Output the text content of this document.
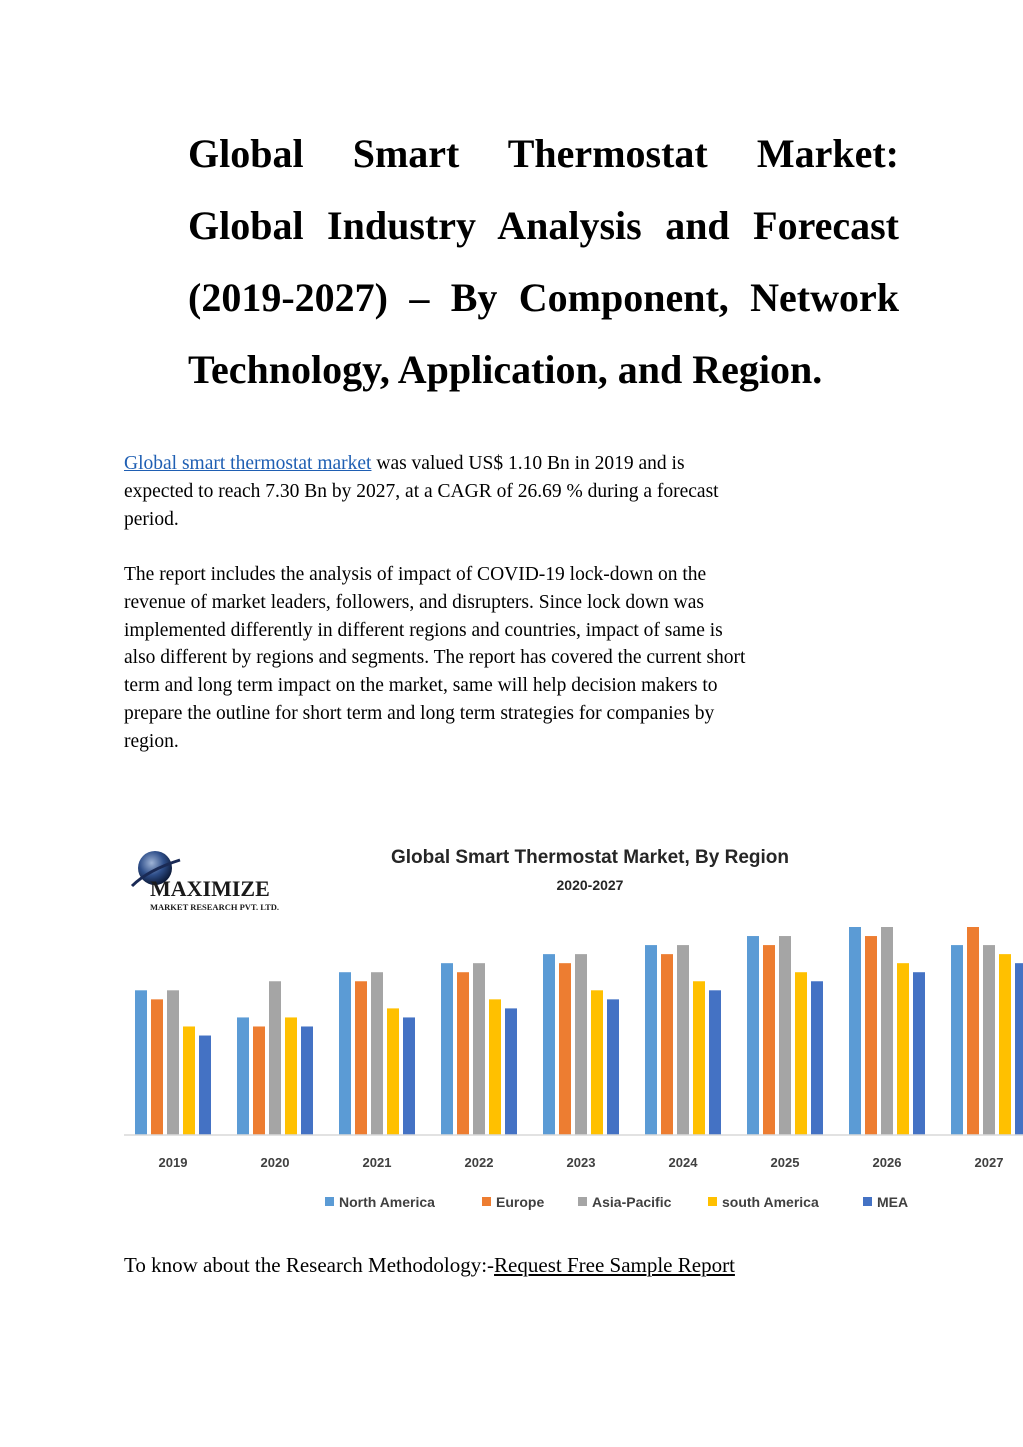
Global Smart Thermostat Market:
Global Industry Analysis and Forecast
(2019-2027) – By Component, Network
Technology, Application, and Region.

Global smart thermostat market was valued US$ 1.10 Bn in 2019 and is
expected to reach 7.30 Bn by 2027, at a CAGR of 26.69 % during a forecast
period.

The report includes the analysis of impact of COVID-19 lock-down on the
revenue of market leaders, followers, and disrupters. Since lock down was
implemented differently in different regions and countries, impact of same is
also different by regions and segments. The report has covered the current short
term and long term impact on the market, same will help decision makers to
prepare the outline for short term and long term strategies for companies by
region.

Global Smart Thermostat Market, By Region
2020-2027
2019	2020	2021	2022	2023	2024	2025	2026	2027
North America	Europe	Asia-Pacific	south America	MEA
MAXIMIZE
MARKET RESEARCH PVT. LTD.

To know about the Research Methodology:-Request Free Sample Report
